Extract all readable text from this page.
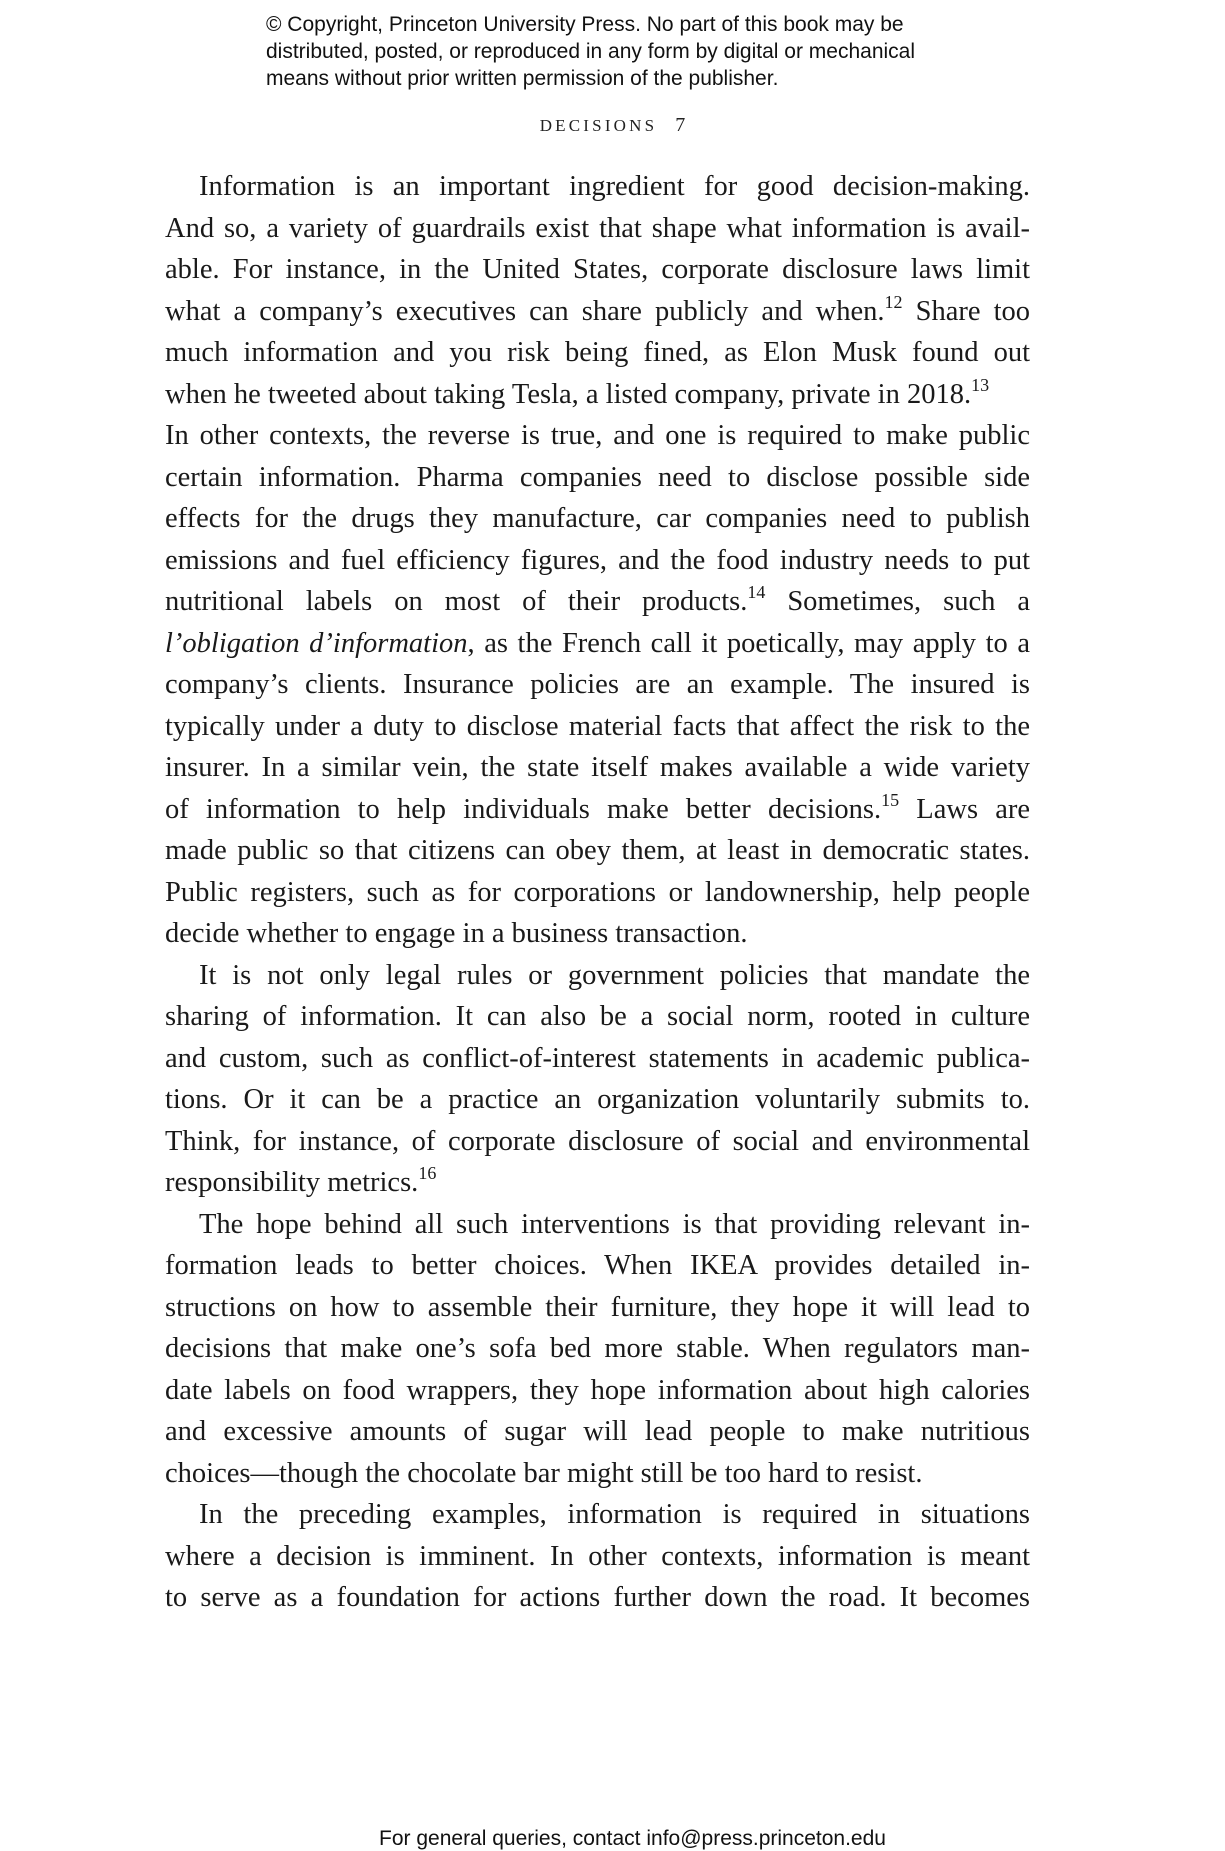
© Copyright, Princeton University Press. No part of this book may be
distributed, posted, or reproduced in any form by digital or mechanical
means without prior written permission of the publisher.
DECISIONS 7
Information is an important ingredient for good decision-making.
And so, a variety of guardrails exist that shape what information is avail-
able. For instance, in the United States, corporate disclosure laws limit
what a company’s executives can share publicly and when.$^{12}$ Share too
much information and you risk being fined, as Elon Musk found out
when he tweeted about taking Tesla, a listed company, private in 2018.13
In other contexts, the reverse is true, and one is required to make public
certain information. Pharma companies need to disclose possible side
effects for the drugs they manufacture, car companies need to publish
emissions and fuel efficiency figures, and the food industry needs to put
nutritional labels on most of their products.$^{14}$ Sometimes, such a
l’obligation d’information, as the French call it poetically, may apply to a
company’s clients. Insurance policies are an example. The insured is
typically under a duty to disclose material facts that affect the risk to the
insurer. In a similar vein, the state itself makes available a wide variety
of information to help individuals make better decisions.$^{15}$ Laws are
made public so that citizens can obey them, at least in democratic states.
Public registers, such as for corporations or landownership, help people
decide whether to engage in a business transaction.
It is not only legal rules or government policies that mandate the
sharing of information. It can also be a social norm, rooted in culture
and custom, such as conflict-of-interest statements in academic publica-
tions. Or it can be a practice an organization voluntarily submits to.
Think, for instance, of corporate disclosure of social and environmental
responsibility metrics.$^{16}$
The hope behind all such interventions is that providing relevant in-
formation leads to better choices. When IKEA provides detailed in-
structions on how to assemble their furniture, they hope it will lead to
decisions that make one’s sofa bed more stable. When regulators man-
date labels on food wrappers, they hope information about high calories
and excessive amounts of sugar will lead people to make nutritious
choices—though the chocolate bar might still be too hard to resist.
In the preceding examples, information is required in situations
where a decision is imminent. In other contexts, information is meant
to serve as a foundation for actions further down the road. It becomes
For general queries, contact info@press.princeton.edu
